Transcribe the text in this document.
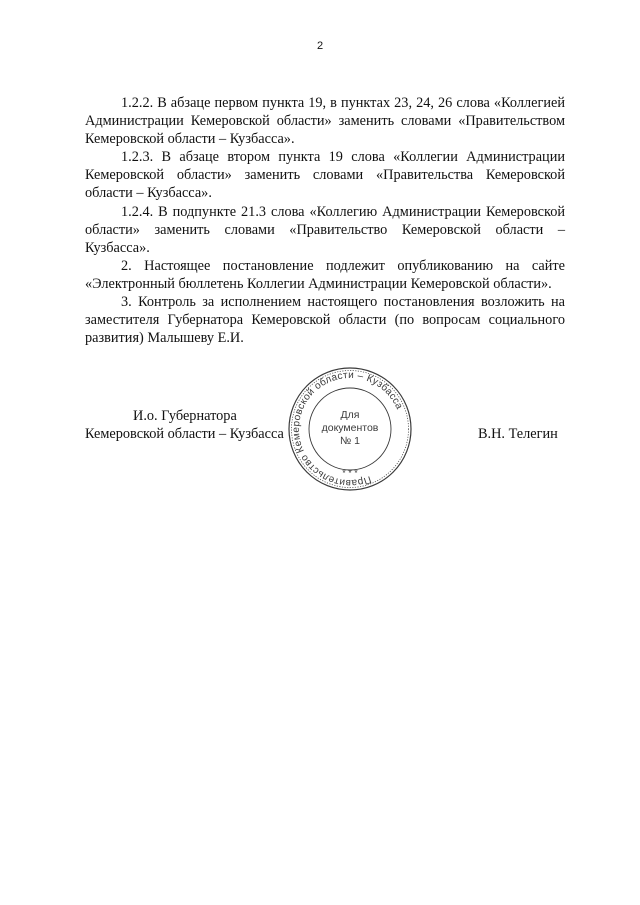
2

1.2.2. В абзаце первом пункта 19, в пунктах 23, 24, 26 слова «Коллегией Администрации Кемеровской области» заменить словами «Правительством Кемеровской области – Кузбасса».

1.2.3. В абзаце втором пункта 19 слова «Коллегии Администрации Кемеровской области» заменить словами «Правительства Кемеровской области – Кузбасса».

1.2.4. В подпункте 21.3 слова «Коллегию Администрации Кемеровской области» заменить словами «Правительство Кемеровской области – Кузбасса».

2. Настоящее постановление подлежит опубликованию на сайте «Электронный бюллетень Коллегии Администрации Кемеровской области».

3. Контроль за исполнением настоящего постановления возложить на заместителя Губернатора Кемеровской области (по вопросам социального развития) Малышеву Е.И.

И.о. Губернатора
Кемеровской области – Кузбасса	В.Н. Телегин
Правительство Кемеровской области – Кузбасса
* * *
Для
документов
№ 1
